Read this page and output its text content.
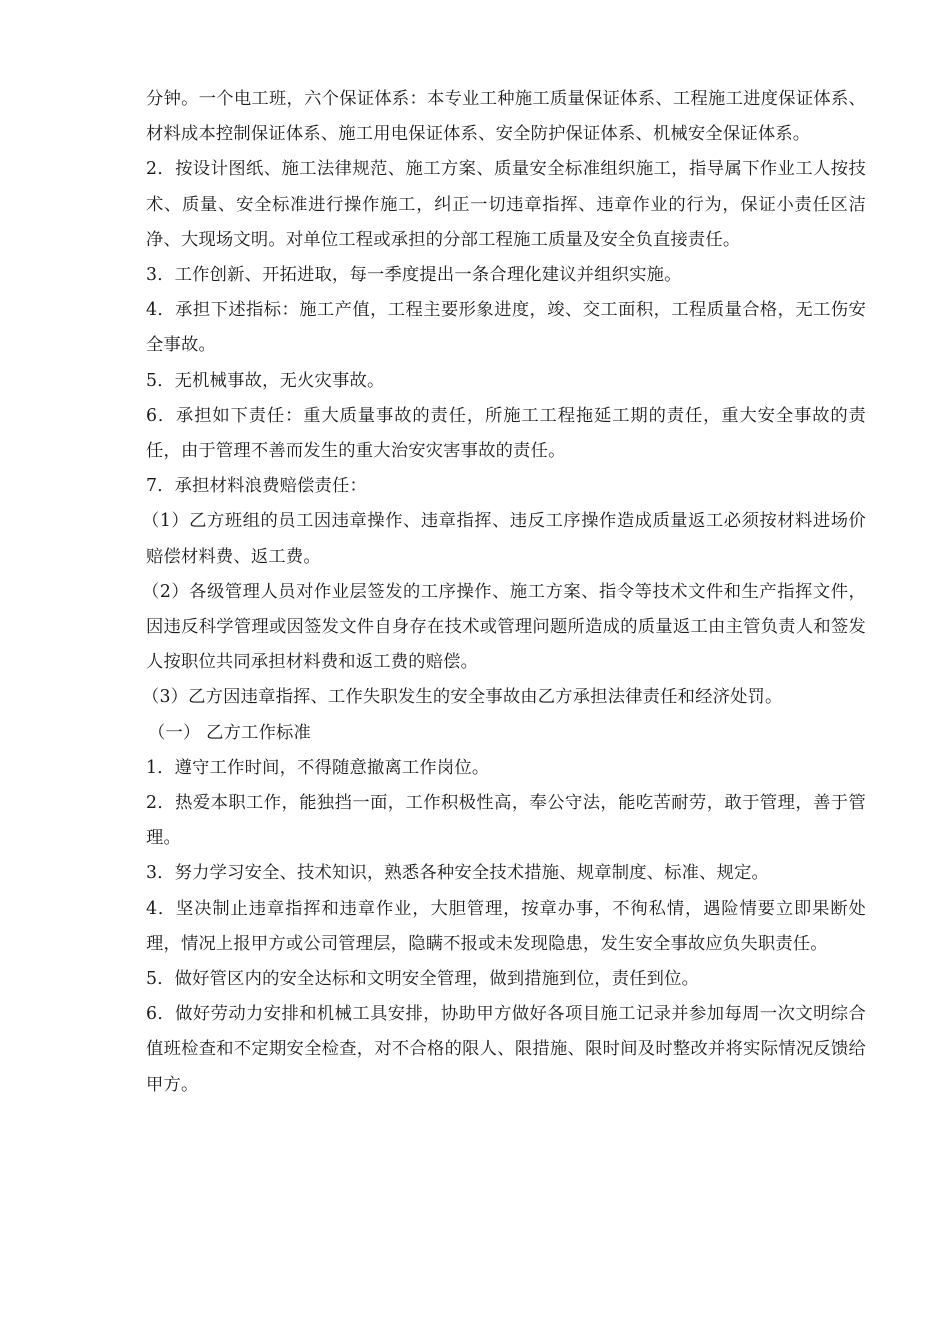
分钟。一个电工班，六个保证体系：本专业工种施工质量保证体系、工程施工进度保证体系、材料成本控制保证体系、施工用电保证体系、安全防护保证体系、机械安全保证体系。

2．按设计图纸、施工法律规范、施工方案、质量安全标准组织施工，指导属下作业工人按技术、质量、安全标准进行操作施工，纠正一切违章指挥、违章作业的行为，保证小责任区洁净、大现场文明。对单位工程或承担的分部工程施工质量及安全负直接责任。

3．工作创新、开拓进取，每一季度提出一条合理化建议并组织实施。

4．承担下述指标：施工产值，工程主要形象进度，竣、交工面积，工程质量合格，无工伤安全事故。

5．无机械事故，无火灾事故。

6．承担如下责任：重大质量事故的责任，所施工工程拖延工期的责任，重大安全事故的责任，由于管理不善而发生的重大治安灾害事故的责任。

7．承担材料浪费赔偿责任：

（1）乙方班组的员工因违章操作、违章指挥、违反工序操作造成质量返工必须按材料进场价赔偿材料费、返工费。

（2）各级管理人员对作业层签发的工序操作、施工方案、指令等技术文件和生产指挥文件，因违反科学管理或因签发文件自身存在技术或管理问题所造成的质量返工由主管负责人和签发人按职位共同承担材料费和返工费的赔偿。

（3）乙方因违章指挥、工作失职发生的安全事故由乙方承担法律责任和经济处罚。

（一） 乙方工作标准

1．遵守工作时间，不得随意撤离工作岗位。

2．热爱本职工作，能独挡一面，工作积极性高，奉公守法，能吃苦耐劳，敢于管理，善于管理。

3．努力学习安全、技术知识，熟悉各种安全技术措施、规章制度、标准、规定。

4．坚决制止违章指挥和违章作业，大胆管理，按章办事，不徇私情，遇险情要立即果断处理，情况上报甲方或公司管理层，隐瞒不报或未发现隐患，发生安全事故应负失职责任。

5．做好管区内的安全达标和文明安全管理，做到措施到位，责任到位。

6．做好劳动力安排和机械工具安排，协助甲方做好各项目施工记录并参加每周一次文明综合值班检查和不定期安全检查，对不合格的限人、限措施、限时间及时整改并将实际情况反馈给甲方。
